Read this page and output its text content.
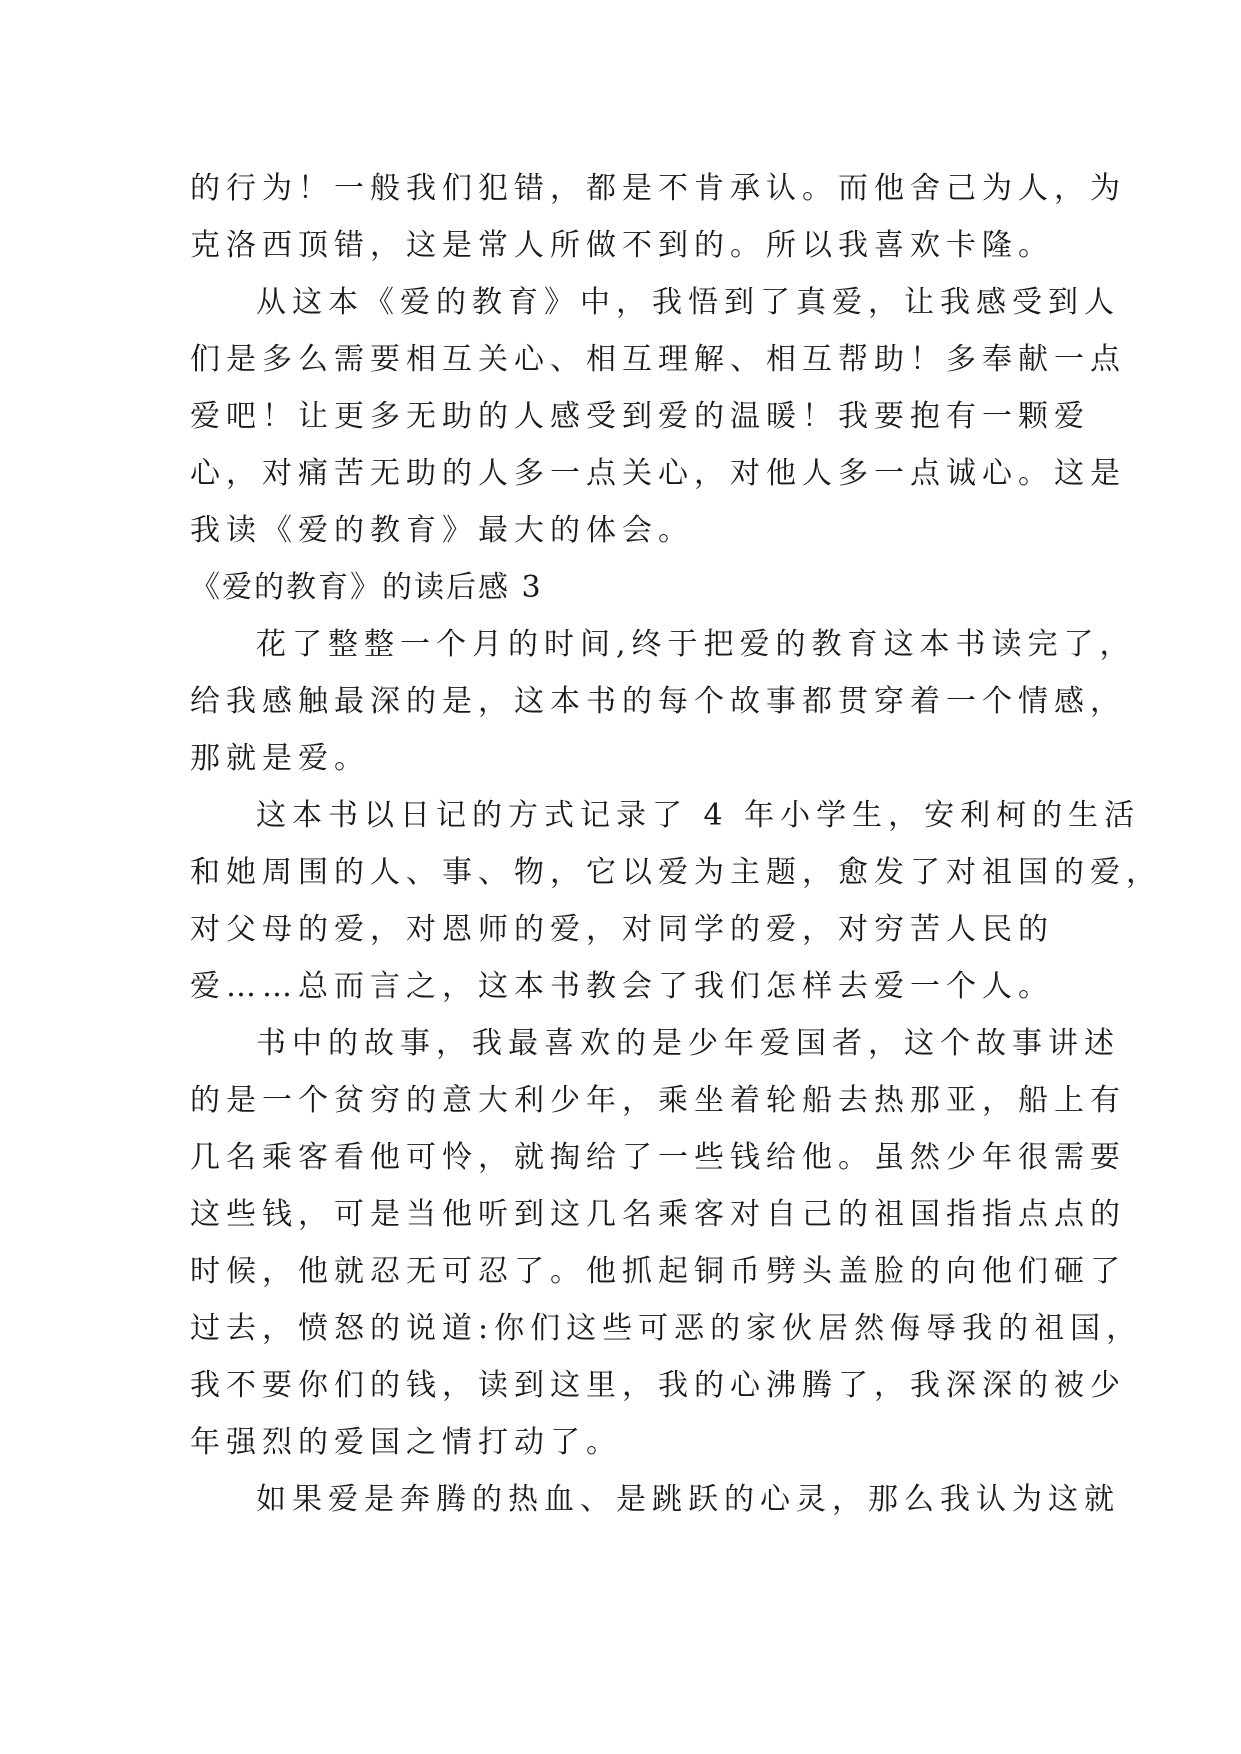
的行为！一般我们犯错，都是不肯承认。而他舍己为人，为
克洛西顶错，这是常人所做不到的。所以我喜欢卡隆。
从这本《爱的教育》中，我悟到了真爱，让我感受到人
们是多么需要相互关心、相互理解、相互帮助！多奉献一点
爱吧！让更多无助的人感受到爱的温暖！我要抱有一颗爱
心，对痛苦无助的人多一点关心，对他人多一点诚心。这是
我读《爱的教育》最大的体会。
《爱的教育》的读后感 3
花了整整一个月的时间,终于把爱的教育这本书读完了，
给我感触最深的是，这本书的每个故事都贯穿着一个情感，
那就是爱。
这本书以日记的方式记录了 4 年小学生，安利柯的生活
和她周围的人、事、物，它以爱为主题，愈发了对祖国的爱，
对父母的爱，对恩师的爱，对同学的爱，对穷苦人民的
爱……总而言之，这本书教会了我们怎样去爱一个人。
书中的故事，我最喜欢的是少年爱国者，这个故事讲述
的是一个贫穷的意大利少年，乘坐着轮船去热那亚，船上有
几名乘客看他可怜，就掏给了一些钱给他。虽然少年很需要
这些钱，可是当他听到这几名乘客对自己的祖国指指点点的
时候，他就忍无可忍了。他抓起铜币劈头盖脸的向他们砸了
过去，愤怒的说道:你们这些可恶的家伙居然侮辱我的祖国，
我不要你们的钱，读到这里，我的心沸腾了，我深深的被少
年强烈的爱国之情打动了。
如果爱是奔腾的热血、是跳跃的心灵，那么我认为这就
